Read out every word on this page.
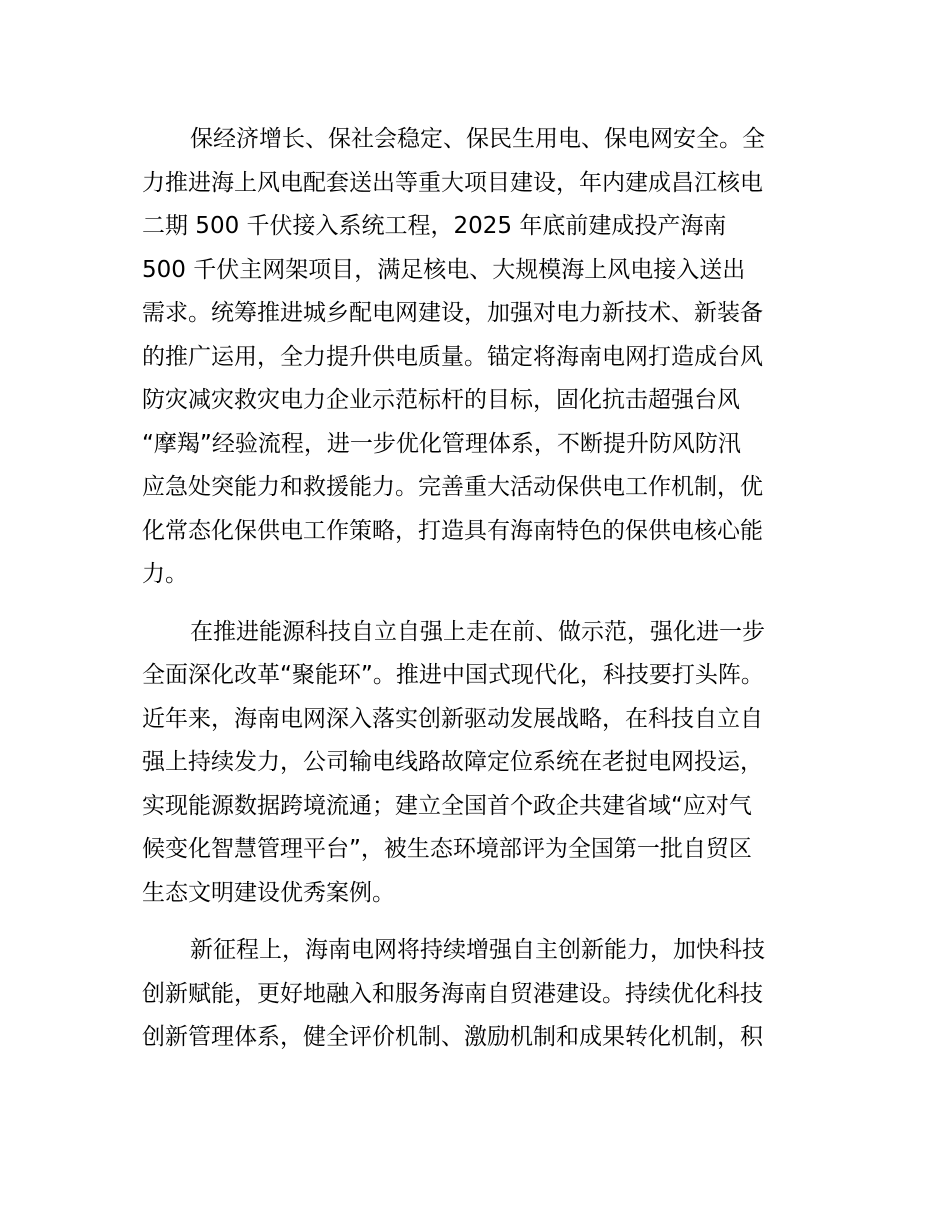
保经济增长、保社会稳定、保民生用电、保电网安全。全
力推进海上风电配套送出等重大项目建设，年内建成昌江核电
二期 500 千伏接入系统工程，2025 年底前建成投产海南
500 千伏主网架项目，满足核电、大规模海上风电接入送出
需求。统筹推进城乡配电网建设，加强对电力新技术、新装备
的推广运用，全力提升供电质量。锚定将海南电网打造成台风
防灾减灾救灾电力企业示范标杆的目标，固化抗击超强台风
“摩羯”经验流程，进一步优化管理体系，不断提升防风防汛
应急处突能力和救援能力。完善重大活动保供电工作机制，优
化常态化保供电工作策略，打造具有海南特色的保供电核心能
力。
在推进能源科技自立自强上走在前、做示范，强化进一步
全面深化改革“聚能环”。推进中国式现代化，科技要打头阵。
近年来，海南电网深入落实创新驱动发展战略，在科技自立自
强上持续发力，公司输电线路故障定位系统在老挝电网投运，
实现能源数据跨境流通；建立全国首个政企共建省域“应对气
候变化智慧管理平台”，被生态环境部评为全国第一批自贸区
生态文明建设优秀案例。
新征程上，海南电网将持续增强自主创新能力，加快科技
创新赋能，更好地融入和服务海南自贸港建设。持续优化科技
创新管理体系，健全评价机制、激励机制和成果转化机制，积
